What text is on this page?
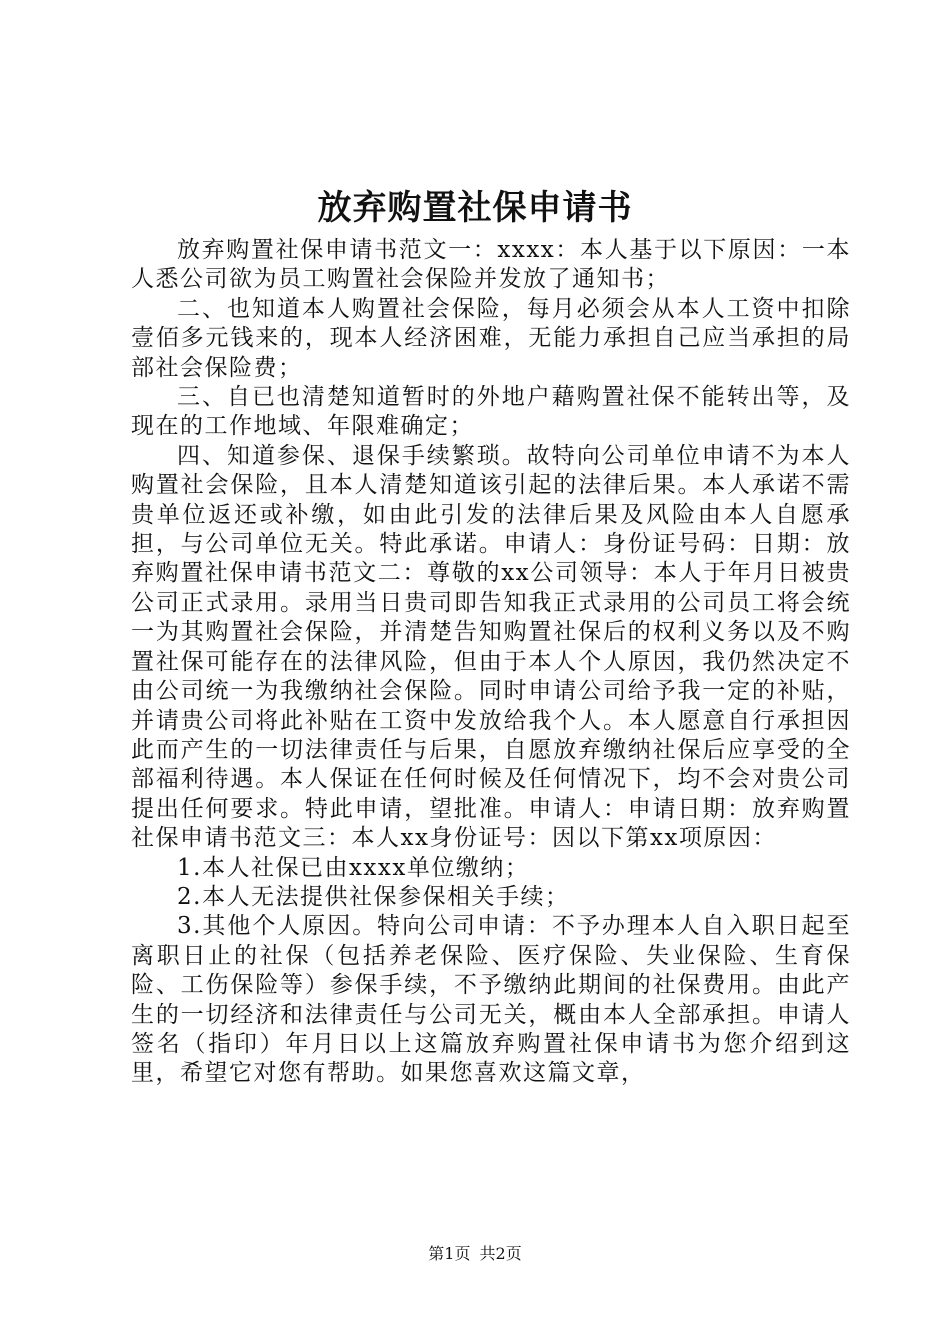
放弃购置社保申请书

放弃购置社保申请书范文一：xxxx：本人基于以下原因：一本人悉公司欲为员工购置社会保险并发放了通知书；

二、也知道本人购置社会保险，每月必须会从本人工资中扣除壹佰多元钱来的，现本人经济困难，无能力承担自己应当承担的局部社会保险费；

三、自已也清楚知道暂时的外地户藉购置社保不能转出等，及现在的工作地域、年限难确定；

四、知道参保、退保手续繁琐。故特向公司单位申请不为本人购置社会保险，且本人清楚知道该引起的法律后果。本人承诺不需贵单位返还或补缴，如由此引发的法律后果及风险由本人自愿承担，与公司单位无关。特此承诺。申请人：身份证号码：日期：放弃购置社保申请书范文二：尊敬的xx公司领导：本人于年月日被贵公司正式录用。录用当日贵司即告知我正式录用的公司员工将会统一为其购置社会保险，并清楚告知购置社保后的权利义务以及不购置社保可能存在的法律风险，但由于本人个人原因，我仍然决定不由公司统一为我缴纳社会保险。同时申请公司给予我一定的补贴，并请贵公司将此补贴在工资中发放给我个人。本人愿意自行承担因此而产生的一切法律责任与后果，自愿放弃缴纳社保后应享受的全部福利待遇。本人保证在任何时候及任何情况下，均不会对贵公司提出任何要求。特此申请，望批准。申请人：申请日期：放弃购置社保申请书范文三：本人xx身份证号：因以下第xx项原因：

1.本人社保已由xxxx单位缴纳；

2.本人无法提供社保参保相关手续；

3.其他个人原因。特向公司申请：不予办理本人自入职日起至离职日止的社保（包括养老保险、医疗保险、失业保险、生育保险、工伤保险等）参保手续，不予缴纳此期间的社保费用。由此产生的一切经济和法律责任与公司无关，概由本人全部承担。申请人签名（指印）年月日以上这篇放弃购置社保申请书为您介绍到这里，希望它对您有帮助。如果您喜欢这篇文章，

第1页 共2页
